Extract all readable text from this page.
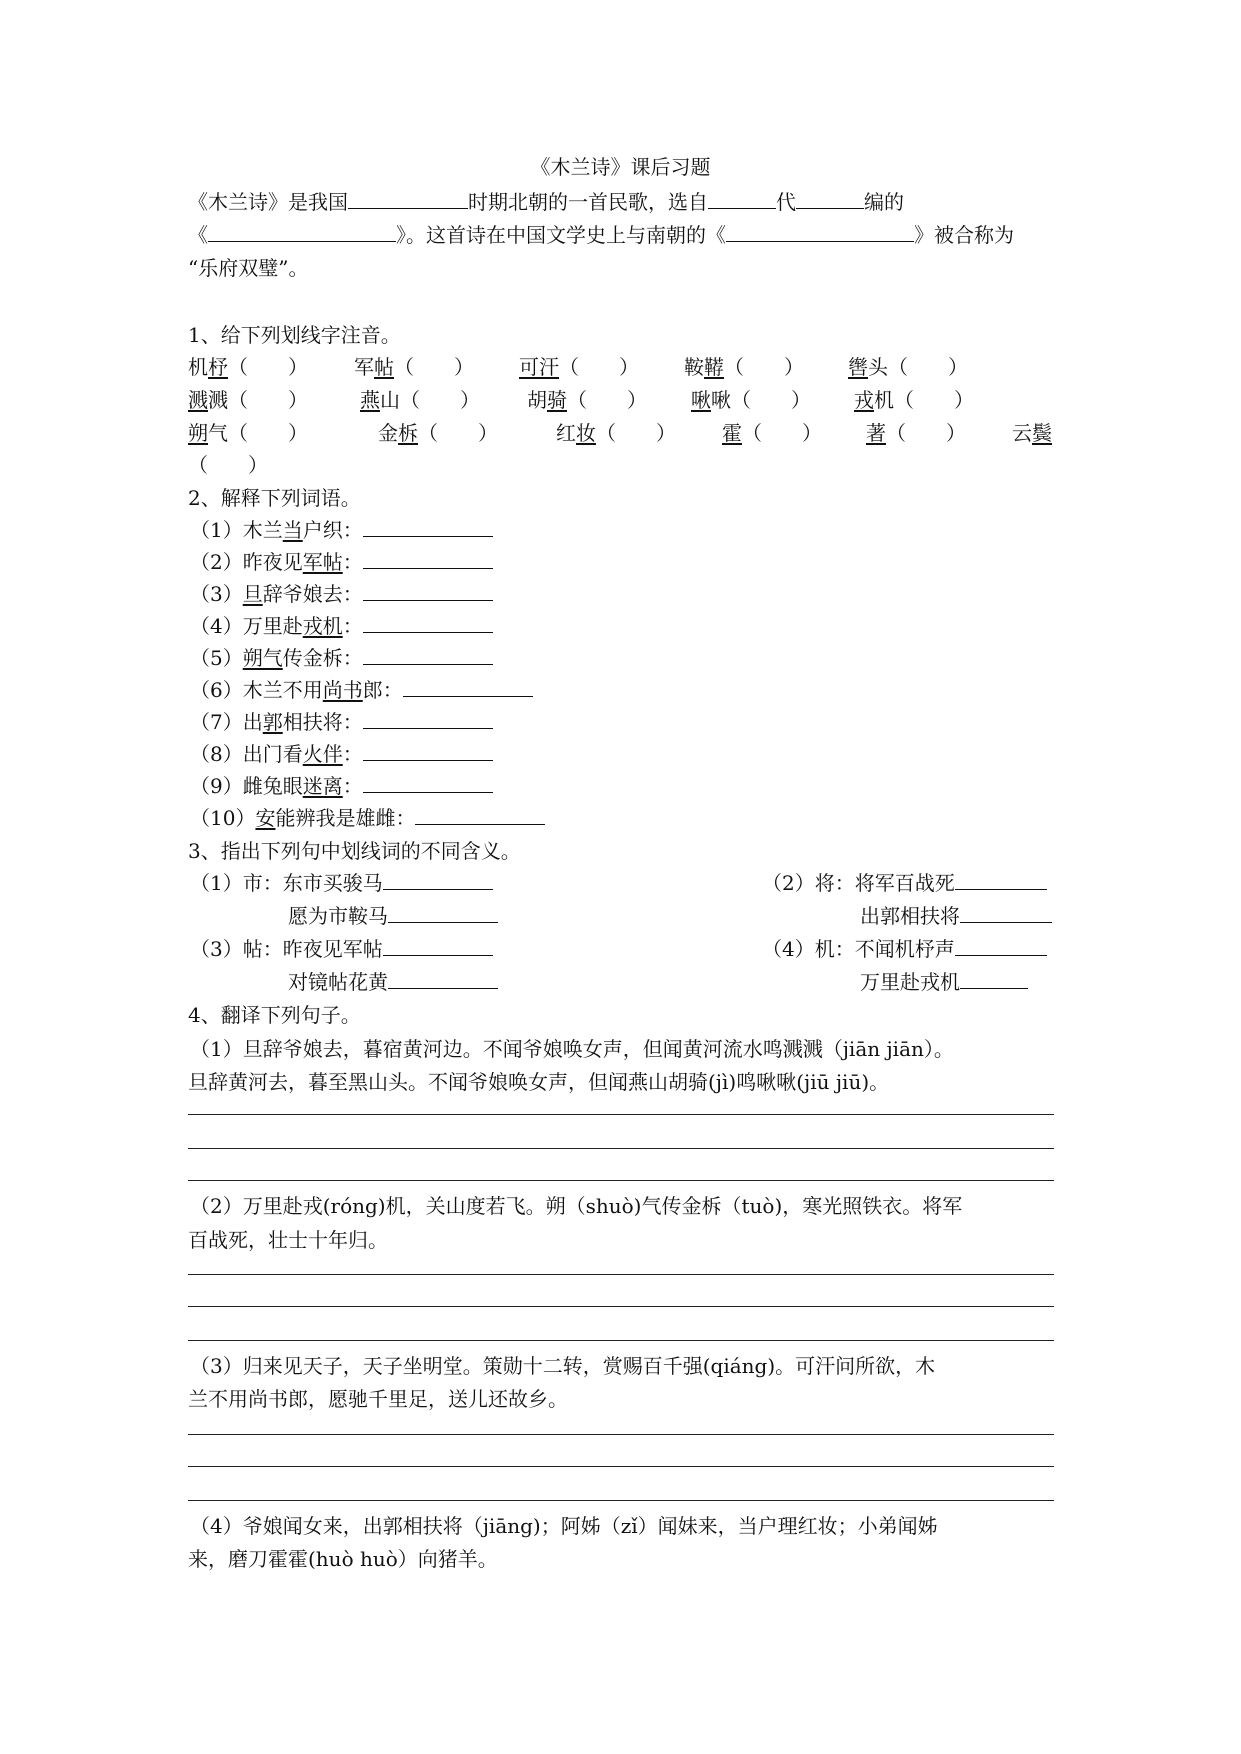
《木兰诗》课后习题
《木兰诗》是我国	时期北朝的一首民歌，选自	代	编的
《	》。这首诗在中国文学史上与南朝的《	》被合称为
“乐府双璧”。
1、给下列划线字注音。
机杼（　　） 军帖（　　） 可汗（　　） 鞍鞯（　　） 辔头（　　）
溅溅（　　）	燕山（　　） 胡骑（　　） 啾啾（　　） 戎机（　　）
朔气（　　）	金柝（　　）	红妆（　　） 霍（　　） 著（　　） 云鬓
（　　）
2、解释下列词语。
（1）木兰当户织：
（2）昨夜见军帖：
（3）旦辞爷娘去：
（4）万里赴戎机：
（5）朔气传金柝：
（6）木兰不用尚书郎：
（7）出郭相扶将：
（8）出门看火伴：
（9）雌兔眼迷离：
（10）安能辨我是雄雌：
3、指出下列句中划线词的不同含义。
（1）市：东市买骏马
愿为市鞍马
（3）帖：昨夜见军帖
对镜帖花黄
（2）将：将军百战死
出郭相扶将
（4）机：不闻机杼声
万里赴戎机
4、翻译下列句子。
（1）旦辞爷娘去，暮宿黄河边。不闻爷娘唤女声，但闻黄河流水鸣溅溅（jiān jiān）。
旦辞黄河去，暮至黑山头。不闻爷娘唤女声，但闻燕山胡骑(jì)鸣啾啾(jiū jiū)。
（2）万里赴戎(róng)机，关山度若飞。朔（shuò)气传金柝（tuò)，寒光照铁衣。将军
百战死，壮士十年归。
（3）归来见天子，天子坐明堂。策勋十二转，赏赐百千强(qiáng)。可汗问所欲，木
兰不用尚书郎，愿驰千里足，送儿还故乡。
（4）爷娘闻女来，出郭相扶将（jiāng)；阿姊（zǐ）闻妹来，当户理红妆；小弟闻姊
来，磨刀霍霍(huò huò）向猪羊。
